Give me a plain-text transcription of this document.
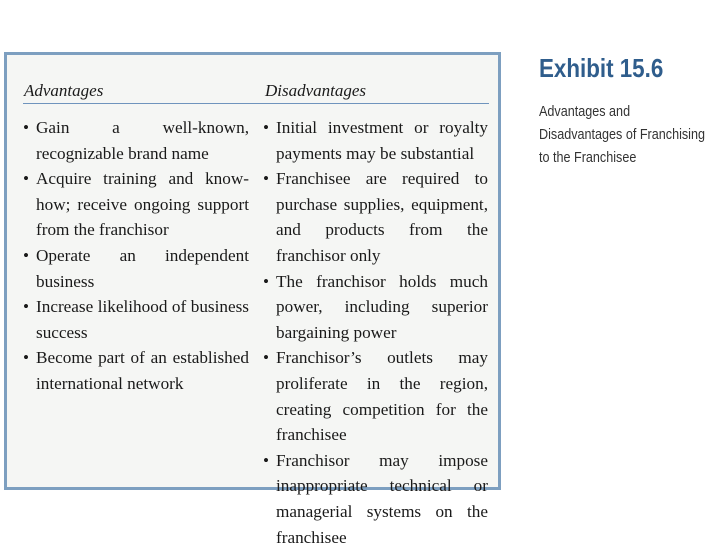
Advantages	Disadvantages
• Gain a well-known, recognizable brand name
• Acquire training and know-how; receive ongoing support from the franchisor
• Operate an independent business
• Increase likelihood of business success
• Become part of an established international network
• Initial investment or royalty payments may be substantial
• Franchisee are required to purchase supplies, equipment, and products from the franchisor only
• The franchisor holds much power, including superior bargaining power
• Franchisor’s outlets may proliferate in the region, creating competition for the franchisee
• Franchisor may impose inappropriate technical or managerial systems on the franchisee
Exhibit 15.6
Advantages and Disadvantages of Franchising to the Franchisee
